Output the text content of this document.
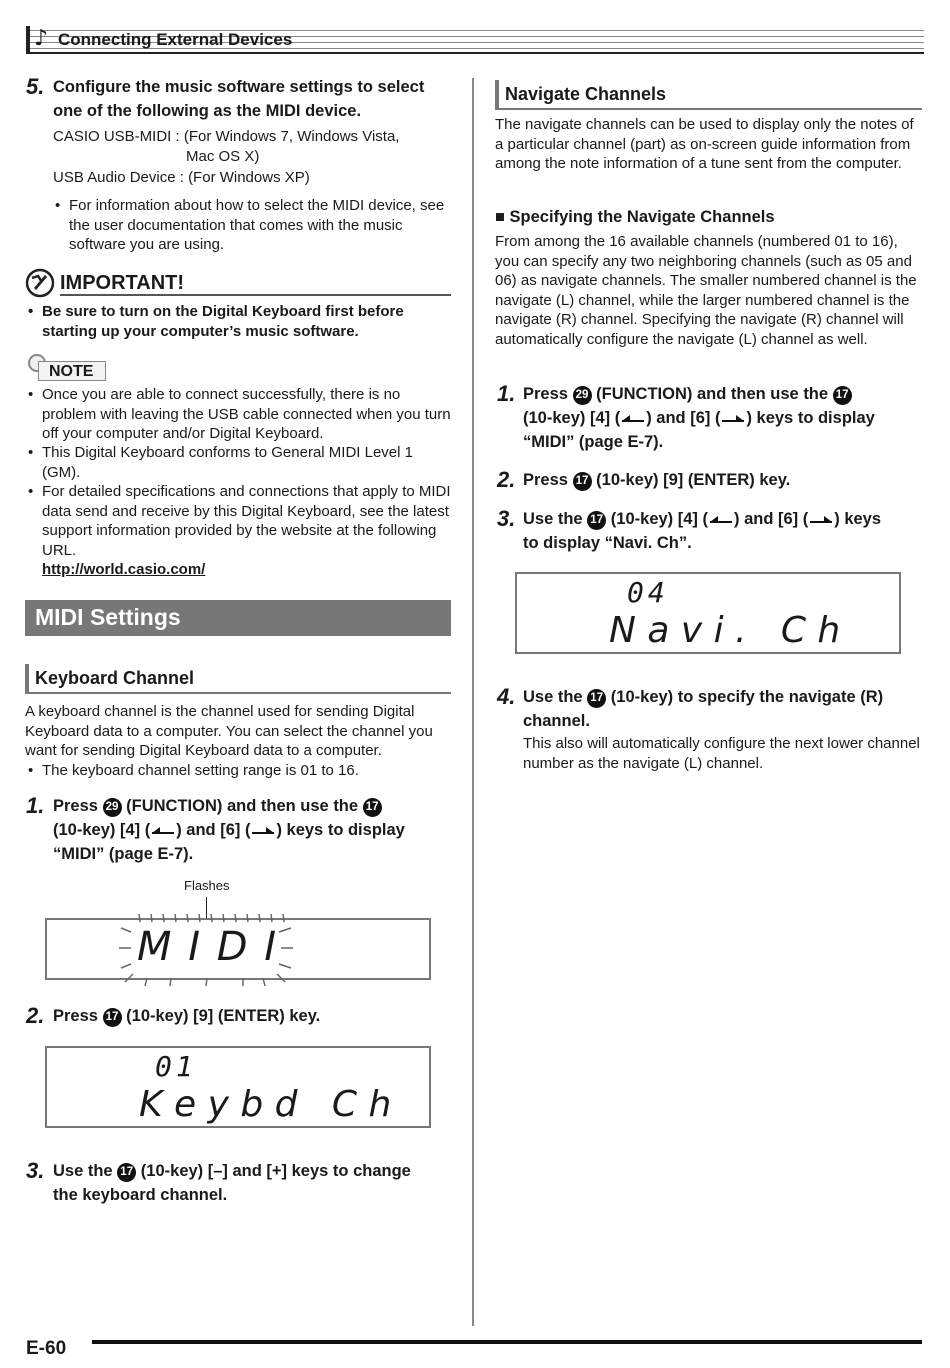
♪ Connecting External Devices
5. Configure the music software settings to select one of the following as the MIDI device.
CASIO USB-MIDI : (For Windows 7, Windows Vista,
Mac OS X)
USB Audio Device : (For Windows XP)
• For information about how to select the MIDI device, see the user documentation that comes with the music software you are using.
IMPORTANT!
• Be sure to turn on the Digital Keyboard first before starting up your computer’s music software.
NOTE
• Once you are able to connect successfully, there is no problem with leaving the USB cable connected when you turn off your computer and/or Digital Keyboard.
• This Digital Keyboard conforms to General MIDI Level 1 (GM).
• For detailed specifications and connections that apply to MIDI data send and receive by this Digital Keyboard, see the latest support information provided by the website at the following URL.
http://world.casio.com/
MIDI Settings
Keyboard Channel
A keyboard channel is the channel used for sending Digital Keyboard data to a computer. You can select the channel you want for sending Digital Keyboard data to a computer.
• The keyboard channel setting range is 01 to 16.
1. Press 29 (FUNCTION) and then use the 17
(10-key) [4] ( ) and [6] ( ) keys to display
“MIDI” (page E-7).
Flashes
M I D I
2. Press 17 (10-key) [9] (ENTER) key.
01
K e y b d   C h
3. Use the 17 (10-key) [–] and [+] keys to change
the keyboard channel.
Navigate Channels
The navigate channels can be used to display only the notes of a particular channel (part) as on-screen guide information from among the note information of a tune sent from the computer.
■ Specifying the Navigate Channels
From among the 16 available channels (numbered 01 to 16), you can specify any two neighboring channels (such as 05 and 06) as navigate channels. The smaller numbered channel is the navigate (L) channel, while the larger numbered channel is the navigate (R) channel. Specifying the navigate (R) channel will automatically configure the navigate (L) channel as well.
1. Press 29 (FUNCTION) and then use the 17
(10-key) [4] ( ) and [6] ( ) keys to display
“MIDI” (page E-7).
2. Press 17 (10-key) [9] (ENTER) key.
3. Use the 17 (10-key) [4] ( ) and [6] ( ) keys
to display “Navi. Ch”.
04
N a v i .   C h
4. Use the 17 (10-key) to specify the navigate (R)
channel.
This also will automatically configure the next lower channel number as the navigate (L) channel.
E-60
